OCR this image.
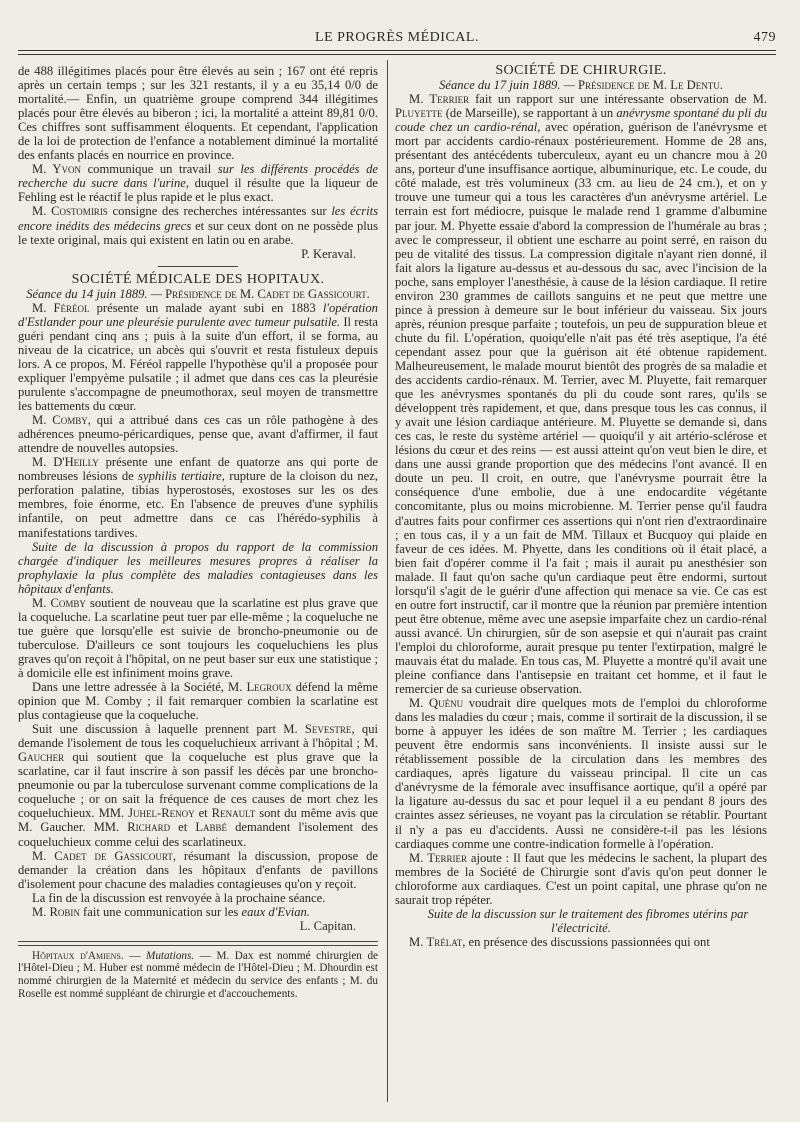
LE PROGRÈS MÉDICAL.	479

de 488 illégitimes placés pour être élevés au sein ; 167 ont été repris après un certain temps ; sur les 321 restants, il y a eu 35,14 0/0 de mortalité.— Enfin, un quatrième groupe comprend 344 illégitimes placés pour être élevés au biberon ; ici, la mortalité a atteint 89,81 0/0. Ces chiffres sont suffisamment éloquents. Et cependant, l'application de la loi de protection de l'enfance a notablement diminué la mortalité des enfants placés en nourrice en province.

M. Yvon communique un travail sur les différents procédés de recherche du sucre dans l'urine, duquel il résulte que la liqueur de Fehling est le réactif le plus rapide et le plus exact.

M. Costomiris consigne des recherches intéressantes sur les écrits encore inédits des médecins grecs et sur ceux dont on ne possède plus le texte original, mais qui existent en latin ou en arabe.

P. Keraval.

SOCIÉTÉ MÉDICALE DES HOPITAUX.

Séance du 14 juin 1889. — Présidence de M. Cadet de Gassicourt.

M. Féréol présente un malade ayant subi en 1883 l'opération d'Estlander pour une pleurésie purulente avec tumeur pulsatile. Il resta guéri pendant cinq ans ; puis à la suite d'un effort, il se forma, au niveau de la cicatrice, un abcès qui s'ouvrit et resta fistuleux depuis lors. A ce propos, M. Féréol rappelle l'hypothèse qu'il a proposée pour expliquer l'empyème pulsatile ; il admet que dans ces cas la pleurésie purulente s'accompagne de pneumothorax, seul moyen de transmettre les battements du cœur.

M. Comby, qui a attribué dans ces cas un rôle pathogène à des adhérences pneumo-péricardiques, pense que, avant d'affirmer, il faut attendre de nouvelles autopsies.

M. D'Heilly présente une enfant de quatorze ans qui porte de nombreuses lésions de syphilis tertiaire, rupture de la cloison du nez, perforation palatine, tibias hyperostosés, exostoses sur les os des membres, foie énorme, etc. En l'absence de preuves d'une syphilis infantile, on peut admettre dans ce cas l'hérédo-syphilis à manifestations tardives.

Suite de la discussion à propos du rapport de la commission chargée d'indiquer les meilleures mesures propres à réaliser la prophylaxie la plus complète des maladies contagieuses dans les hôpitaux d'enfants.

M. Comby soutient de nouveau que la scarlatine est plus grave que la coqueluche. La scarlatine peut tuer par elle-même ; la coqueluche ne tue guère que lorsqu'elle est suivie de broncho-pneumonie ou de tuberculose. D'ailleurs ce sont toujours les coqueluchiens les plus graves qu'on reçoit à l'hôpital, on ne peut baser sur eux une statistique ; à domicile elle est infiniment moins grave.

Dans une lettre adressée à la Société, M. Legroux défend la même opinion que M. Comby ; il fait remarquer combien la scarlatine est plus contagieuse que la coqueluche.

Suit une discussion à laquelle prennent part M. Sevestre, qui demande l'isolement de tous les coqueluchieux arrivant à l'hôpital ; M. Gaucher qui soutient que la coqueluche est plus grave que la scarlatine, car il faut inscrire à son passif les décès par une broncho-pneumonie ou par la tuberculose survenant comme complications de la coqueluche ; or on sait la fréquence de ces causes de mort chez les coqueluchieux. MM. Juhel-Renoy et Renault sont du même avis que M. Gaucher. MM. Richard et Labbé demandent l'isolement des coqueluchieux comme celui des scarlatineux.

M. Cadet de Gassicourt, résumant la discussion, propose de demander la création dans les hôpitaux d'enfants de pavillons d'isolement pour chacune des maladies contagieuses qu'on y reçoit.

La fin de la discussion est renvoyée à la prochaine séance.

M. Robin fait une communication sur les eaux d'Evian.

L. Capitan.

Hôpitaux d'Amiens. — Mutations. — M. Dax est nommé chirurgien de l'Hôtel-Dieu ; M. Huber est nommé médecin de l'Hôtel-Dieu ; M. Dhourdin est nommé chirurgien de la Maternité et médecin du service des enfants ; M. du Roselle est nommé suppléant de chirurgie et d'accouchements.

SOCIÉTÉ DE CHIRURGIE.

Séance du 17 juin 1889. — Présidence de M. Le Dentu.

M. Terrier fait un rapport sur une intéressante observation de M. Pluyette (de Marseille), se rapportant à un anévrysme spontané du pli du coude chez un cardio-rénal, avec opération, guérison de l'anévrysme et mort par accidents cardio-rénaux postérieurement. Homme de 28 ans, présentant des antécédents tuberculeux, ayant eu un chancre mou à 20 ans, porteur d'une insuffisance aortique, albuminurique, etc. Le coude, du côté malade, est très volumineux (33 cm. au lieu de 24 cm.), et on y trouve une tumeur qui a tous les caractères d'un anévrysme artériel. Le terrain est fort médiocre, puisque le malade rend 1 gramme d'albumine par jour. M. Phyette essaie d'abord la compression de l'humérale au bras ; avec le compresseur, il obtient une escharre au point serré, en raison du peu de vitalité des tissus. La compression digitale n'ayant rien donné, il fait alors la ligature au-dessus et au-dessous du sac, avec l'incision de la poche, sans employer l'anesthésie, à cause de la lésion cardiaque. Il retire environ 230 grammes de caillots sanguins et ne peut que mettre une pince à pression à demeure sur le bout inférieur du vaisseau. Six jours après, réunion presque parfaite ; toutefois, un peu de suppuration bleue et chute du fil. L'opération, quoiqu'elle n'ait pas été très aseptique, l'a été cependant assez pour que la guérison ait été obtenue rapidement. Malheureusement, le malade mourut bientôt des progrès de sa maladie et des accidents cardio-rénaux. M. Terrier, avec M. Pluyette, fait remarquer que les anévrysmes spontanés du pli du coude sont rares, qu'ils se développent très rapidement, et que, dans presque tous les cas connus, il y avait une lésion cardiaque antérieure. M. Pluyette se demande si, dans ces cas, le reste du système artériel — quoiqu'il y ait artério-sclérose et lésions du cœur et des reins — est aussi atteint qu'on veut bien le dire, et dans une aussi grande proportion que des médecins l'ont avancé. Il en doute un peu. Il croit, en outre, que l'anévrysme pourrait être la conséquence d'une embolie, due à une endocardite végétante concomitante, plus ou moins microbienne. M. Terrier pense qu'il faudra d'autres faits pour confirmer ces assertions qui n'ont rien d'extraordinaire ; en tous cas, il y a un fait de MM. Tillaux et Bucquoy qui plaide en faveur de ces idées. M. Phyette, dans les conditions où il était placé, a bien fait d'opérer comme il l'a fait ; mais il aurait pu anesthésier son malade. Il faut qu'on sache qu'un cardiaque peut être endormi, surtout lorsqu'il s'agit de le guérir d'une affection qui menace sa vie. Ce cas est en outre fort instructif, car il montre que la réunion par première intention peut être obtenue, même avec une asepsie imparfaite chez un cardio-rénal aussi avancé. Un chirurgien, sûr de son asepsie et qui n'aurait pas craint l'emploi du chloroforme, aurait presque pu tenter l'extirpation, malgré le mauvais état du malade. En tous cas, M. Pluyette a montré qu'il avait une pleine confiance dans l'antisepsie en traitant cet homme, et il faut le remercier de sa curieuse observation.

M. Quénu voudrait dire quelques mots de l'emploi du chloroforme dans les maladies du cœur ; mais, comme il sortirait de la discussion, il se borne à appuyer les idées de son maître M. Terrier ; les cardiaques peuvent être endormis sans inconvénients. Il insiste aussi sur le rétablissement possible de la circulation dans les membres des cardiaques, après ligature du vaisseau principal. Il cite un cas d'anévrysme de la fémorale avec insuffisance aortique, qu'il a opéré par la ligature au-dessus du sac et pour lequel il a eu pendant 8 jours des craintes assez sérieuses, ne voyant pas la circulation se rétablir. Pourtant il n'y a pas eu d'accidents. Aussi ne considère-t-il pas les lésions cardiaques comme une contre-indication formelle à l'opération.

M. Terrier ajoute : Il faut que les médecins le sachent, la plupart des membres de la Société de Chirurgie sont d'avis qu'on peut donner le chloroforme aux cardiaques. C'est un point capital, une phrase qu'on ne saurait trop répéter.

Suite de la discussion sur le traitement des fibromes utérins par l'électricité.

M. Trélat, en présence des discussions passionnées qui ont
